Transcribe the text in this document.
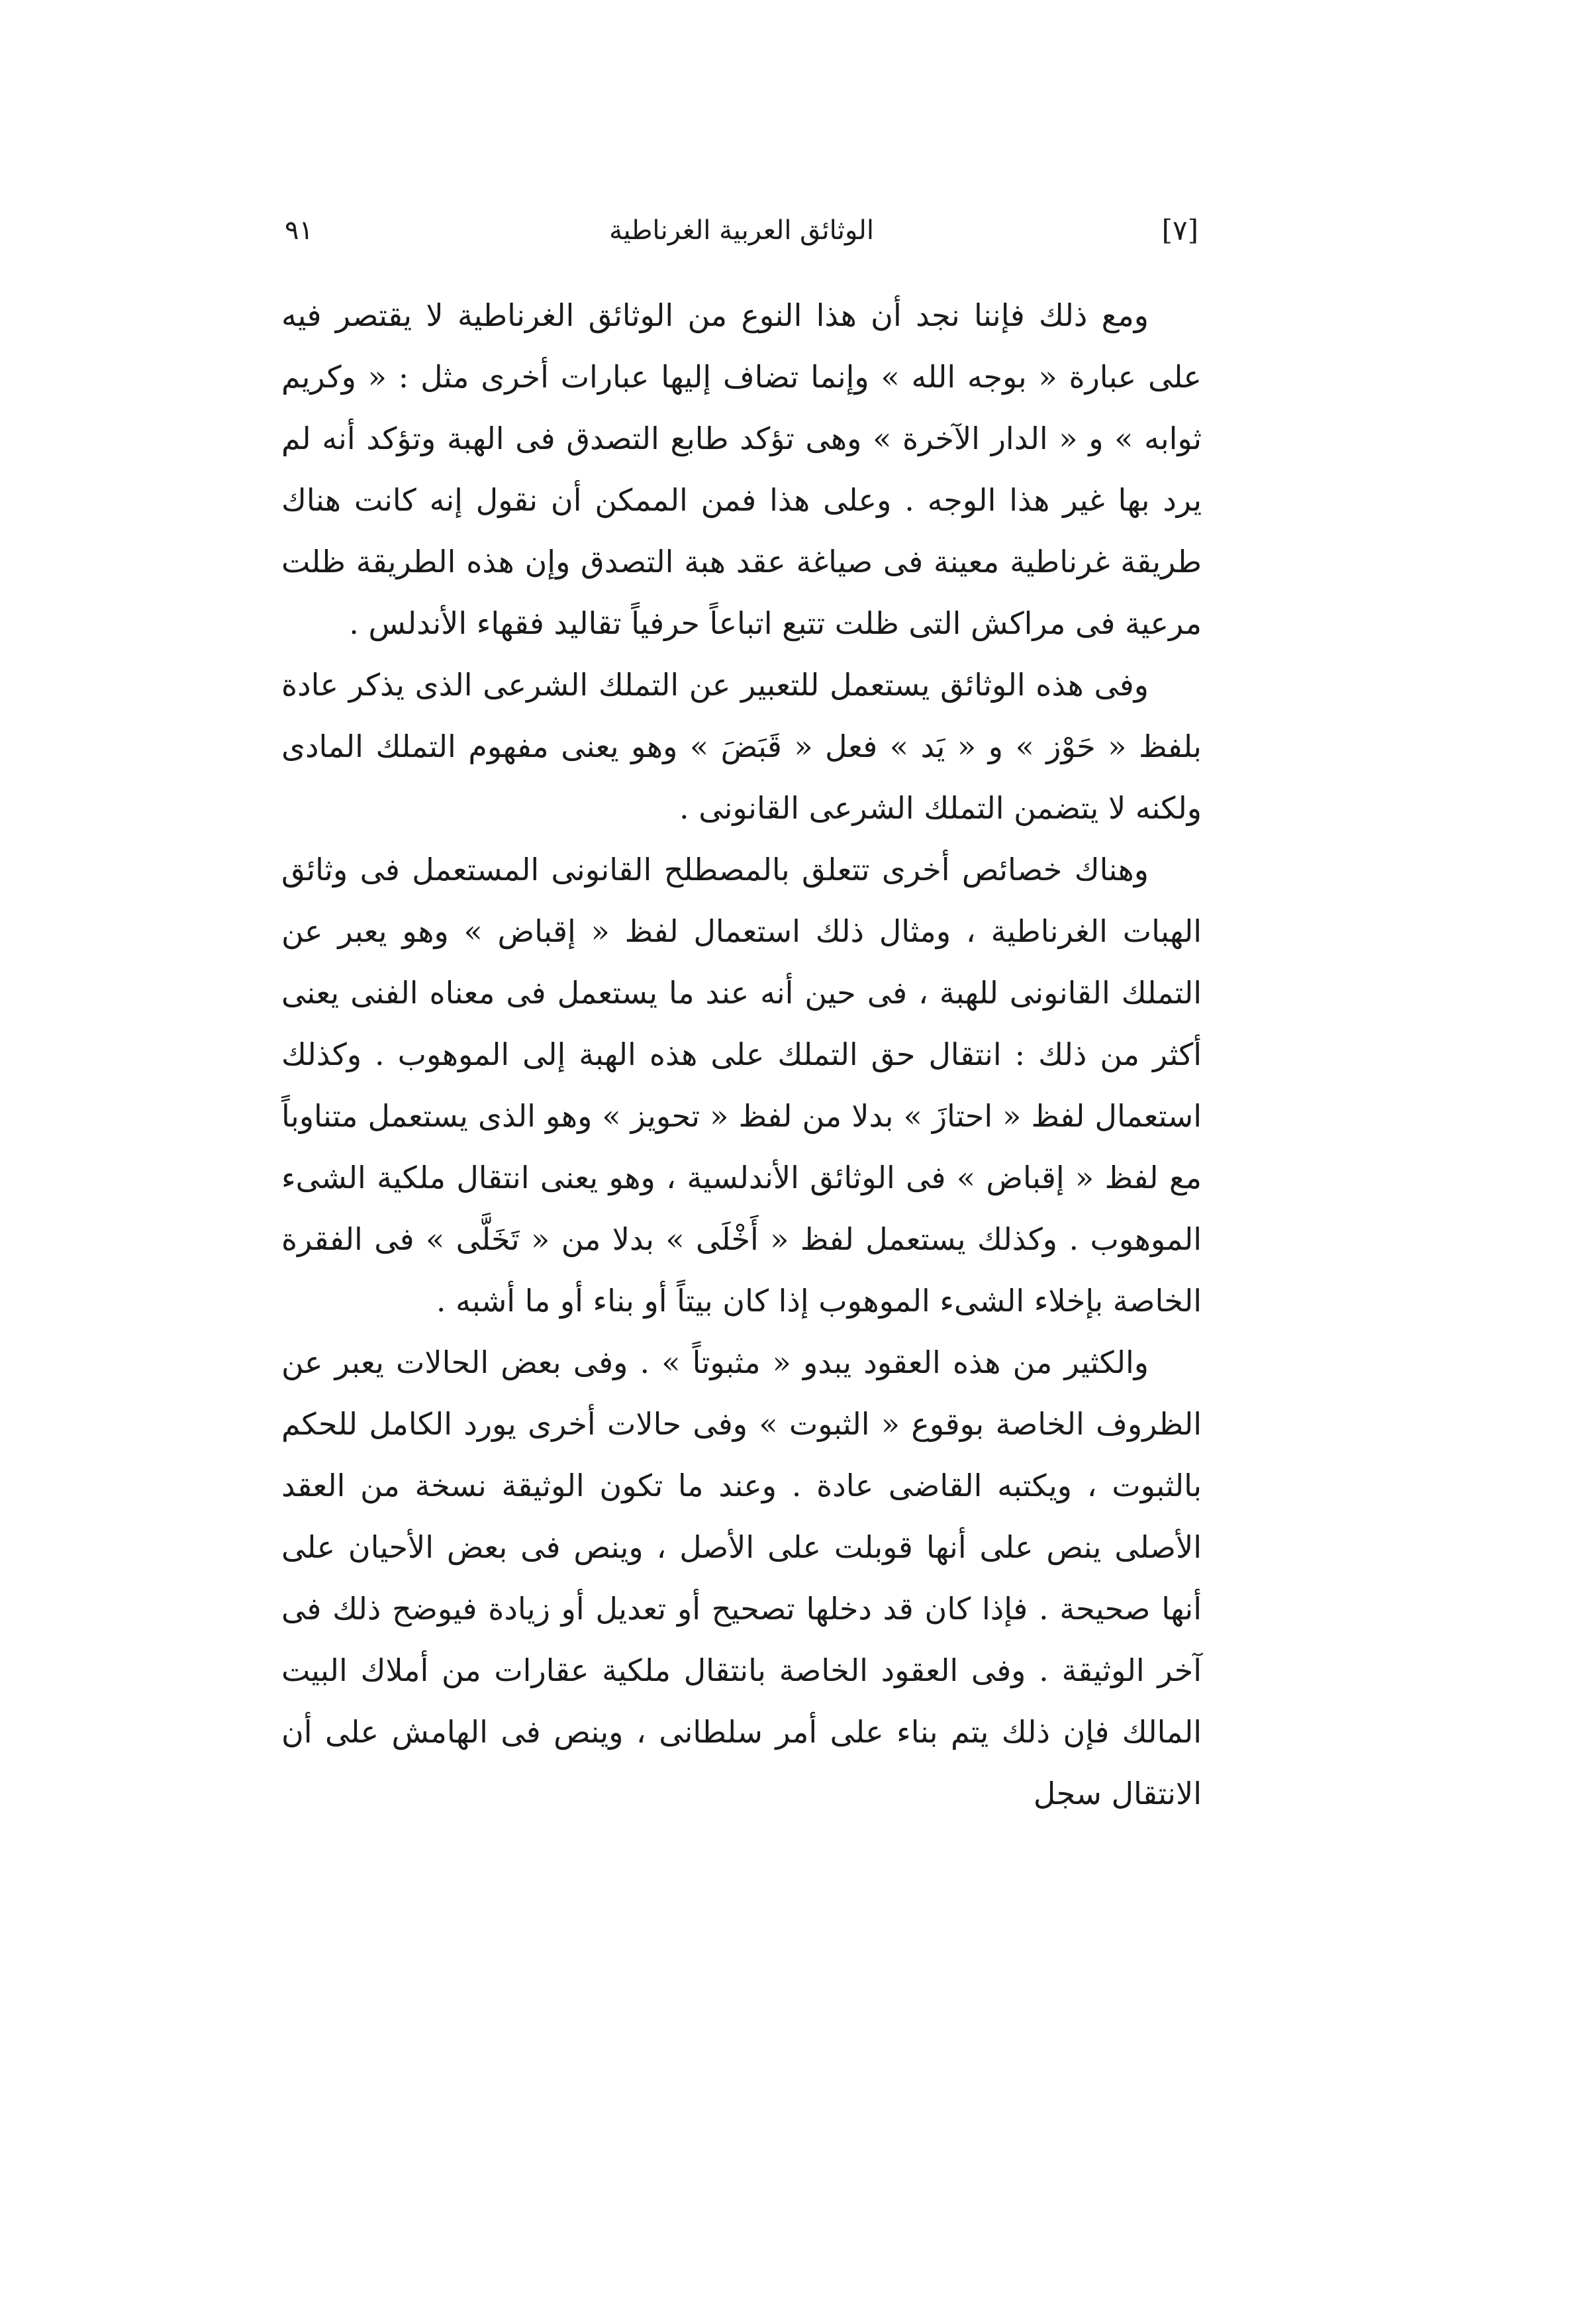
٩١	الوثائق العربية الغرناطية	[٧]

ومع ذلك فإننا نجد أن هذا النوع من الوثائق الغرناطية لا يقتصر فيه على عبارة « بوجه الله » وإنما تضاف إليها عبارات أخرى مثل : « وكريم ثوابه » و « الدار الآخرة » وهى تؤكد طابع التصدق فى الهبة وتؤكد أنه لم يرد بها غير هذا الوجه . وعلى هذا فمن الممكن أن نقول إنه كانت هناك طريقة غرناطية معينة فى صياغة عقد هبة التصدق وإن هذه الطريقة ظلت مرعية فى مراكش التى ظلت تتبع اتباعاً حرفياً تقاليد فقهاء الأندلس .

وفى هذه الوثائق يستعمل للتعبير عن التملك الشرعى الذى يذكر عادة بلفظ « حَوْز » و « يَد » فعل « قَبَضَ » وهو يعنى مفهوم التملك المادى ولكنه لا يتضمن التملك الشرعى القانونى .

وهناك خصائص أخرى تتعلق بالمصطلح القانونى المستعمل فى وثائق الهبات الغرناطية ، ومثال ذلك استعمال لفظ « إقباض » وهو يعبر عن التملك القانونى للهبة ، فى حين أنه عند ما يستعمل فى معناه الفنى يعنى أكثر من ذلك : انتقال حق التملك على هذه الهبة إلى الموهوب . وكذلك استعمال لفظ « احتازَ » بدلا من لفظ « تحويز » وهو الذى يستعمل متناوباً مع لفظ « إقباض » فى الوثائق الأندلسية ، وهو يعنى انتقال ملكية الشىء الموهوب . وكذلك يستعمل لفظ « أَخْلَى » بدلا من « تَخَلَّى » فى الفقرة الخاصة بإخلاء الشىء الموهوب إذا كان بيتاً أو بناء أو ما أشبه .

والكثير من هذه العقود يبدو « مثبوتاً » . وفى بعض الحالات يعبر عن الظروف الخاصة بوقوع « الثبوت » وفى حالات أخرى يورد الكامل للحكم بالثبوت ، ويكتبه القاضى عادة . وعند ما تكون الوثيقة نسخة من العقد الأصلى ينص على أنها قوبلت على الأصل ، وينص فى بعض الأحيان على أنها صحيحة . فإذا كان قد دخلها تصحيح أو تعديل أو زيادة فيوضح ذلك فى آخر الوثيقة . وفى العقود الخاصة بانتقال ملكية عقارات من أملاك البيت المالك فإن ذلك يتم بناء على أمر سلطانى ، وينص فى الهامش على أن الانتقال سجل
